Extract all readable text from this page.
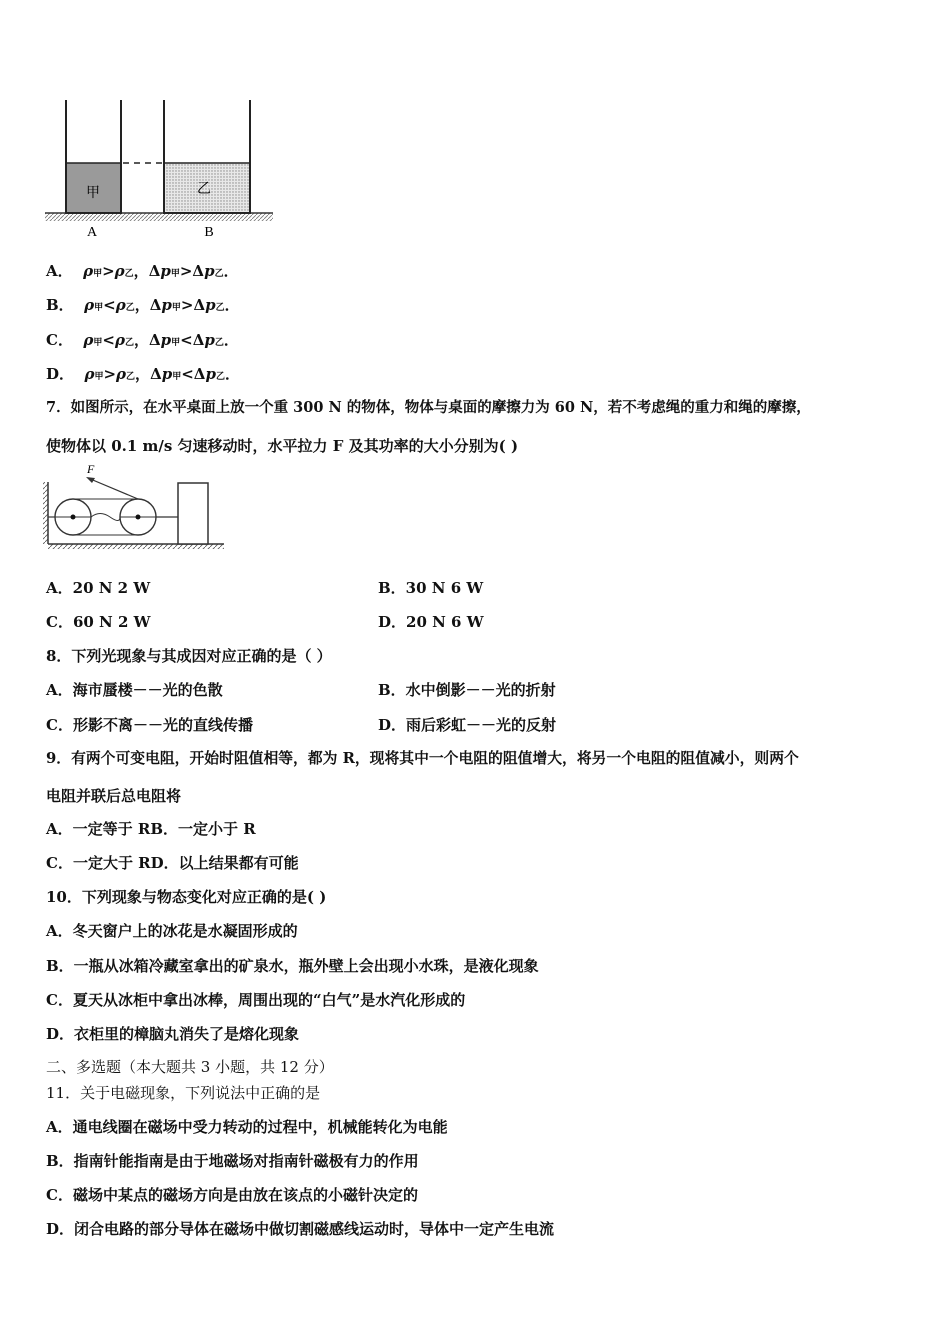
甲	乙
A	B
A． ρ甲>ρ乙，Δp甲>Δp乙．
B． ρ甲<ρ乙，Δp甲>Δp乙．
C． ρ甲<ρ乙，Δp甲<Δp乙．
D． ρ甲>ρ乙，Δp甲<Δp乙．
7．如图所示，在水平桌面上放一个重 300 N 的物体，物体与桌面的摩擦力为 60 N，若不考虑绳的重力和绳的摩擦，
使物体以 0.1 m/s 匀速移动时，水平拉力 F 及其功率的大小分别为( )
F
A．20 N 2 W	B．30 N 6 W
C．60 N 2 W	D．20 N 6 W
8．下列光现象与其成因对应正确的是（ ）
A．海市蜃楼－－光的色散	B．水中倒影－－光的折射
C．形影不离－－光的直线传播	D．雨后彩虹－－光的反射
9．有两个可变电阻，开始时阻值相等，都为 R，现将其中一个电阻的阻值增大，将另一个电阻的阻值减小，则两个
电阻并联后总电阻将
A．一定等于 RB．一定小于 R
C．一定大于 RD．以上结果都有可能
10．下列现象与物态变化对应正确的是( )
A．冬天窗户上的冰花是水凝固形成的
B．一瓶从冰箱冷藏室拿出的矿泉水，瓶外壁上会出现小水珠，是液化现象
C．夏天从冰柜中拿出冰棒，周围出现的“白气”是水汽化形成的
D．衣柜里的樟脑丸消失了是熔化现象
二、多选题（本大题共 3 小题，共 12 分）
11．关于电磁现象，下列说法中正确的是
A．通电线圈在磁场中受力转动的过程中，机械能转化为电能
B．指南针能指南是由于地磁场对指南针磁极有力的作用
C．磁场中某点的磁场方向是由放在该点的小磁针决定的
D．闭合电路的部分导体在磁场中做切割磁感线运动时，导体中一定产生电流
